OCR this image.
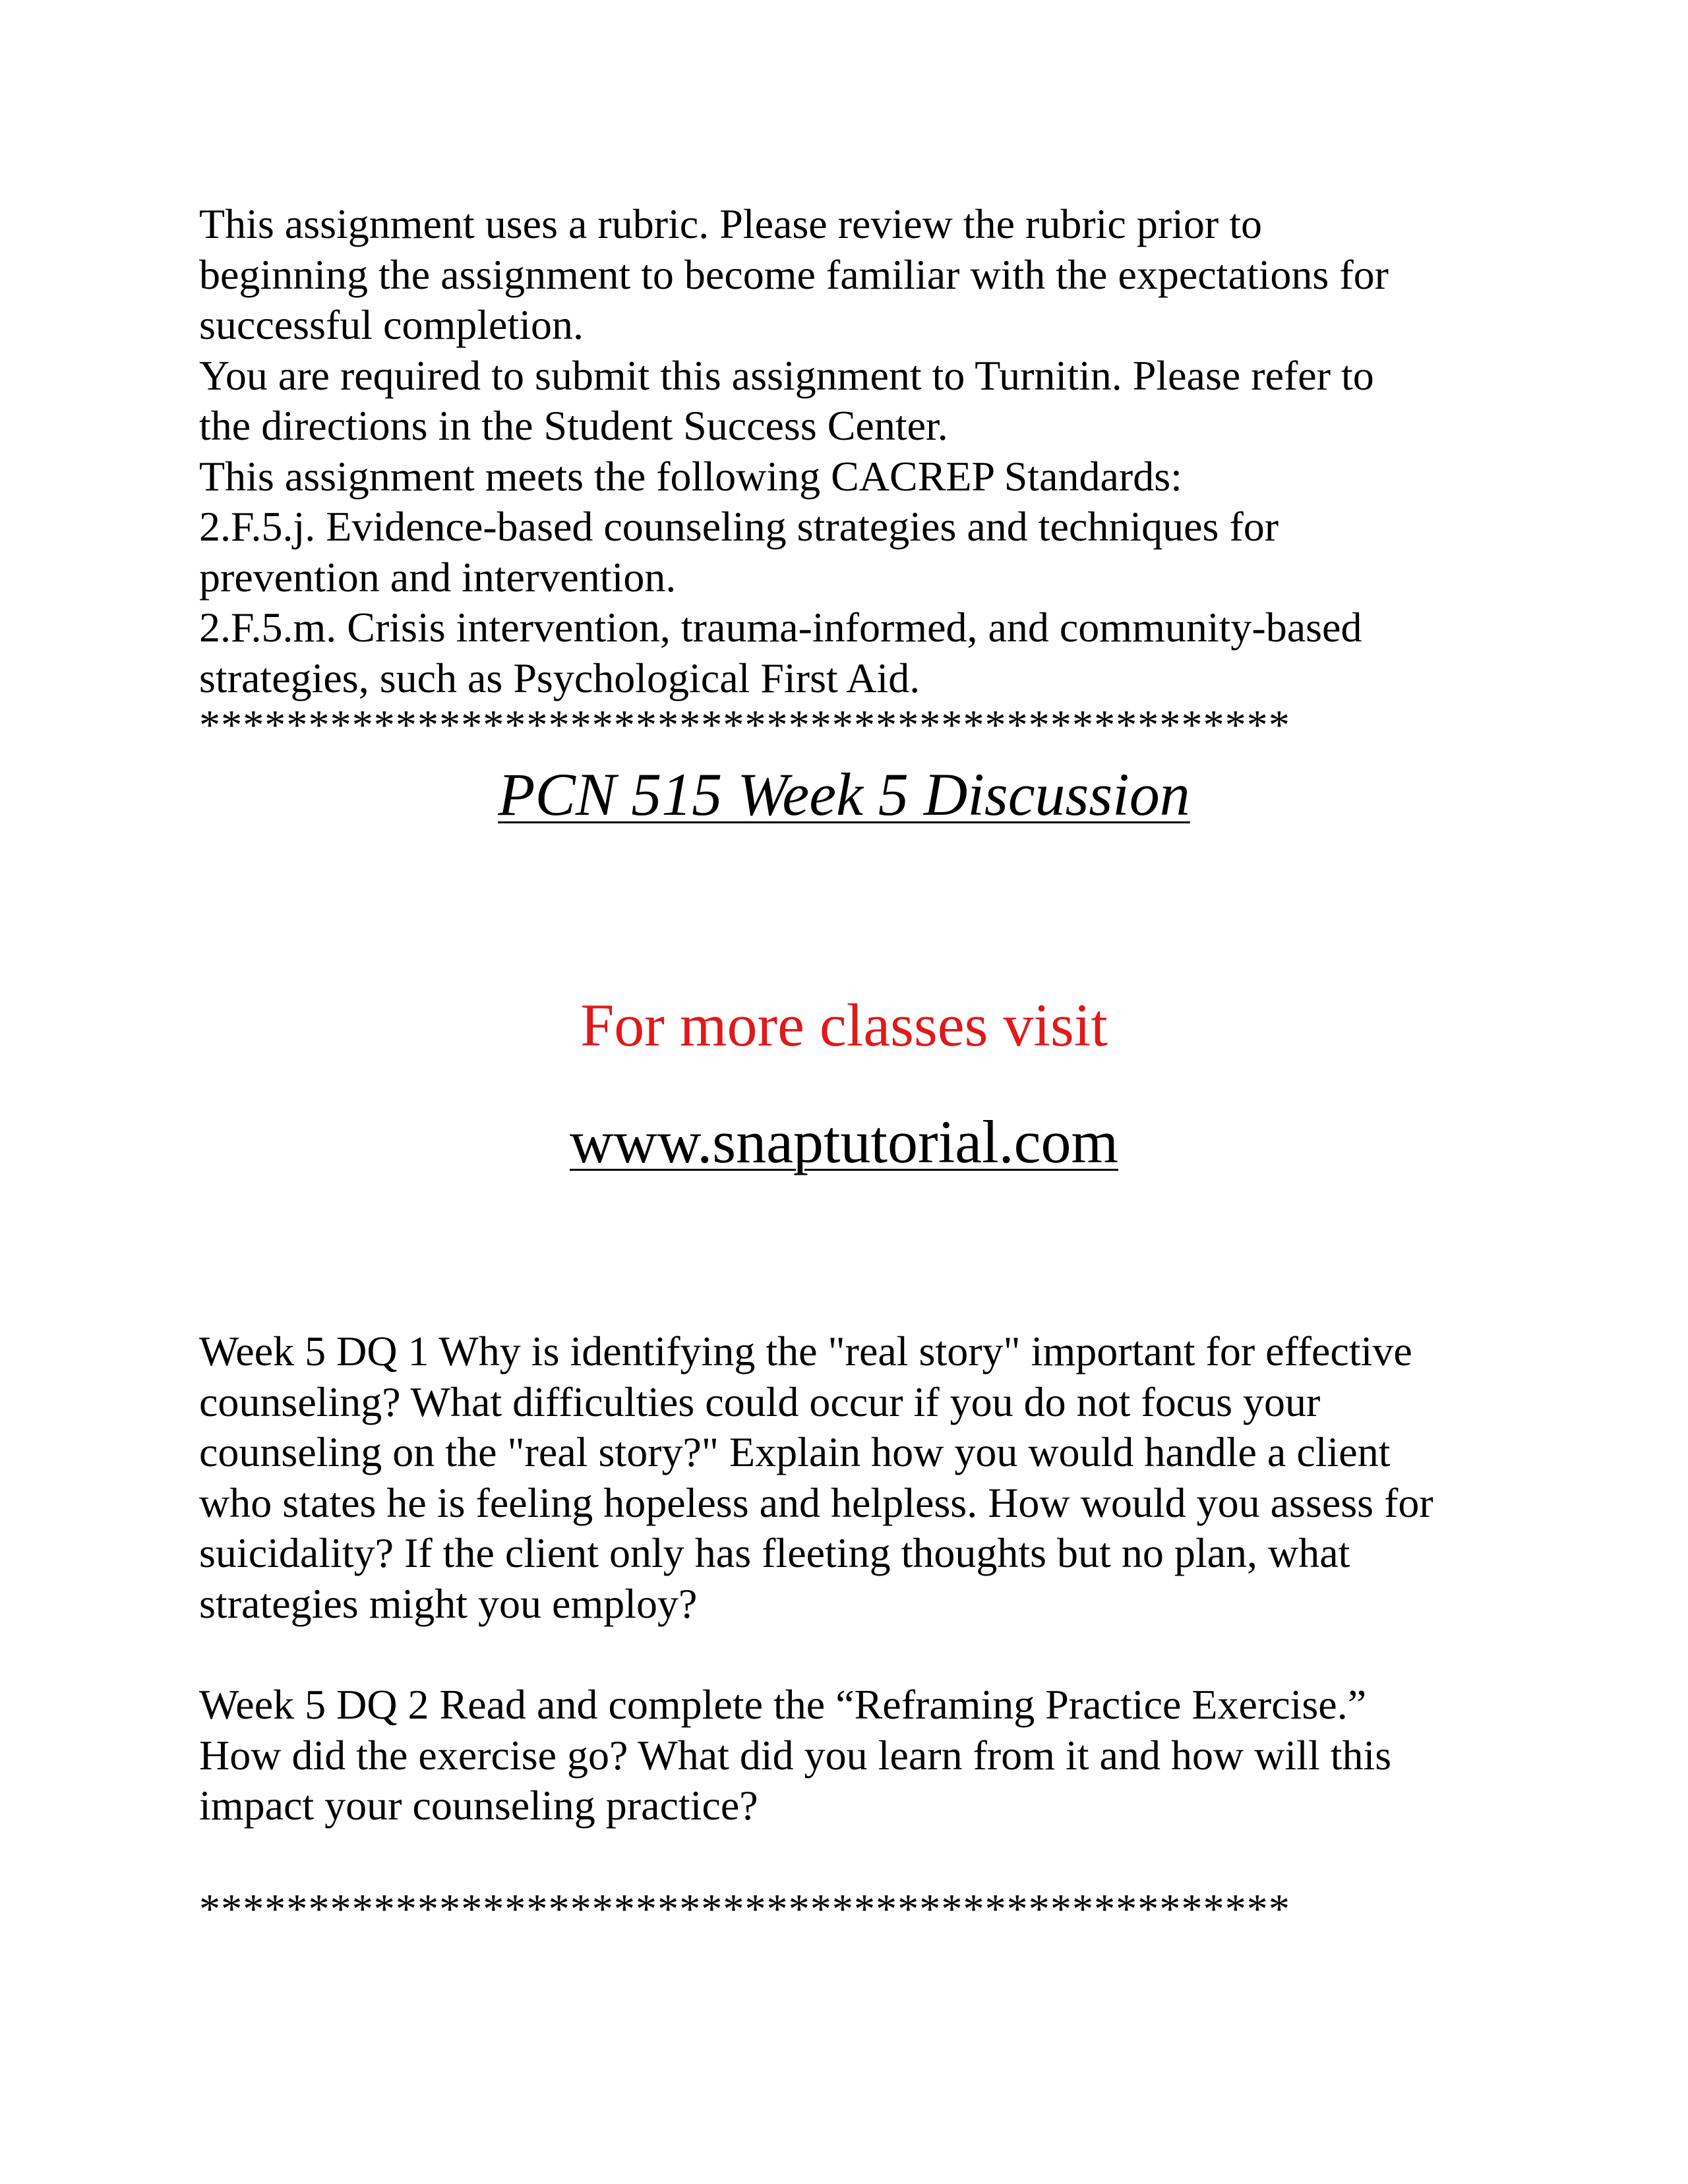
This assignment uses a rubric. Please review the rubric prior to
beginning the assignment to become familiar with the expectations for
successful completion.
You are required to submit this assignment to Turnitin. Please refer to
the directions in the Student Success Center.
This assignment meets the following CACREP Standards:
2.F.5.j. Evidence-based counseling strategies and techniques for
prevention and intervention.
2.F.5.m. Crisis intervention, trauma-informed, and community-based
strategies, such as Psychological First Aid.
**************************************************
PCN 515 Week 5 Discussion
For more classes visit
www.snaptutorial.com
Week 5 DQ 1 Why is identifying the "real story" important for effective
counseling? What difficulties could occur if you do not focus your
counseling on the "real story?" Explain how you would handle a client
who states he is feeling hopeless and helpless. How would you assess for
suicidality? If the client only has fleeting thoughts but no plan, what
strategies might you employ?
Week 5 DQ 2 Read and complete the “Reframing Practice Exercise.”
How did the exercise go? What did you learn from it and how will this
impact your counseling practice?
**************************************************
